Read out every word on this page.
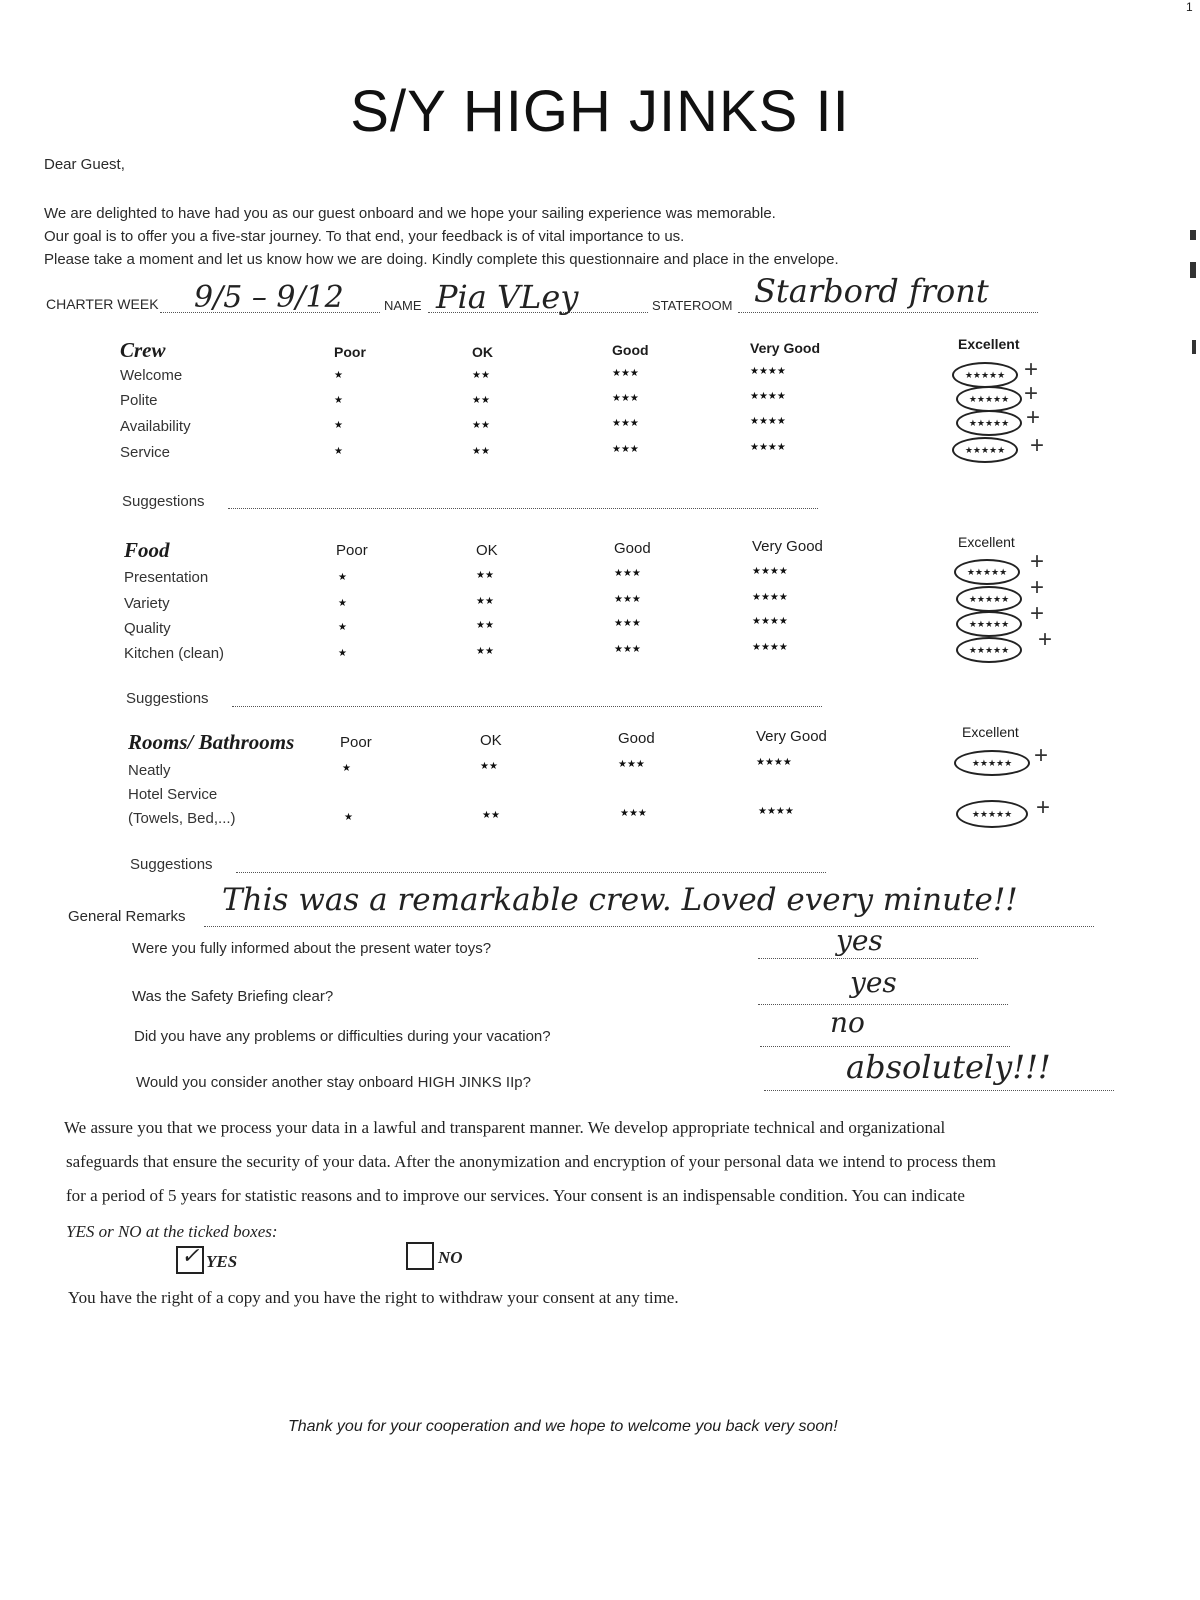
S/Y HIGH JINKS II
Dear Guest,
We are delighted to have had you as our guest onboard and we hope your sailing experience was memorable.
Our goal is to offer you a five-star journey. To that end, your feedback is of vital importance to us.
Please take a moment and let us know how we are doing. Kindly complete this questionnaire and place in the envelope.
CHARTER WEEK 9/5 – 9/12	NAME Pia VLey	STATEROOM Starbord front
Crew	Poor	OK	Good	Very Good	Excellent
Welcome	★	★★	★★★	★★★★	★★★★★ +
Polite	★	★★	★★★	★★★★	★★★★★ +
Availability	★	★★	★★★	★★★★	★★★★★ +
Service	★	★★	★★★	★★★★	★★★★★ +
Suggestions
Food	Poor	OK	Good	Very Good	Excellent
Presentation	★	★★	★★★	★★★★	★★★★★ +
Variety	★	★★	★★★	★★★★	★★★★★ +
Quality	★	★★	★★★	★★★★	★★★★★ +
Kitchen (clean)	★	★★	★★★	★★★★	★★★★★ +
Suggestions
Rooms/ Bathrooms	Poor	OK	Good	Very Good	Excellent
Neatly	★	★★	★★★	★★★★	★★★★★ +
Hotel Service
(Towels, Bed,...)	★	★★	★★★	★★★★	★★★★★ +
Suggestions
General Remarks This was a remarkable crew. Loved every minute!!
Were you fully informed about the present water toys?	yes
Was the Safety Briefing clear?	yes
Did you have any problems or difficulties during your vacation?	no
Would you consider another stay onboard HIGH JINKS IIp?	absolutely!!!
We assure you that we process your data in a lawful and transparent manner. We develop appropriate technical and organizational
safeguards that ensure the security of your data. After the anonymization and encryption of your personal data we intend to process them
for a period of 5 years for statistic reasons and to improve our services. Your consent is an indispensable condition. You can indicate
YES or NO at the ticked boxes:
✓ YES	NO
You have the right of a copy and you have the right to withdraw your consent at any time.
Thank you for your cooperation and we hope to welcome you back very soon!
1
